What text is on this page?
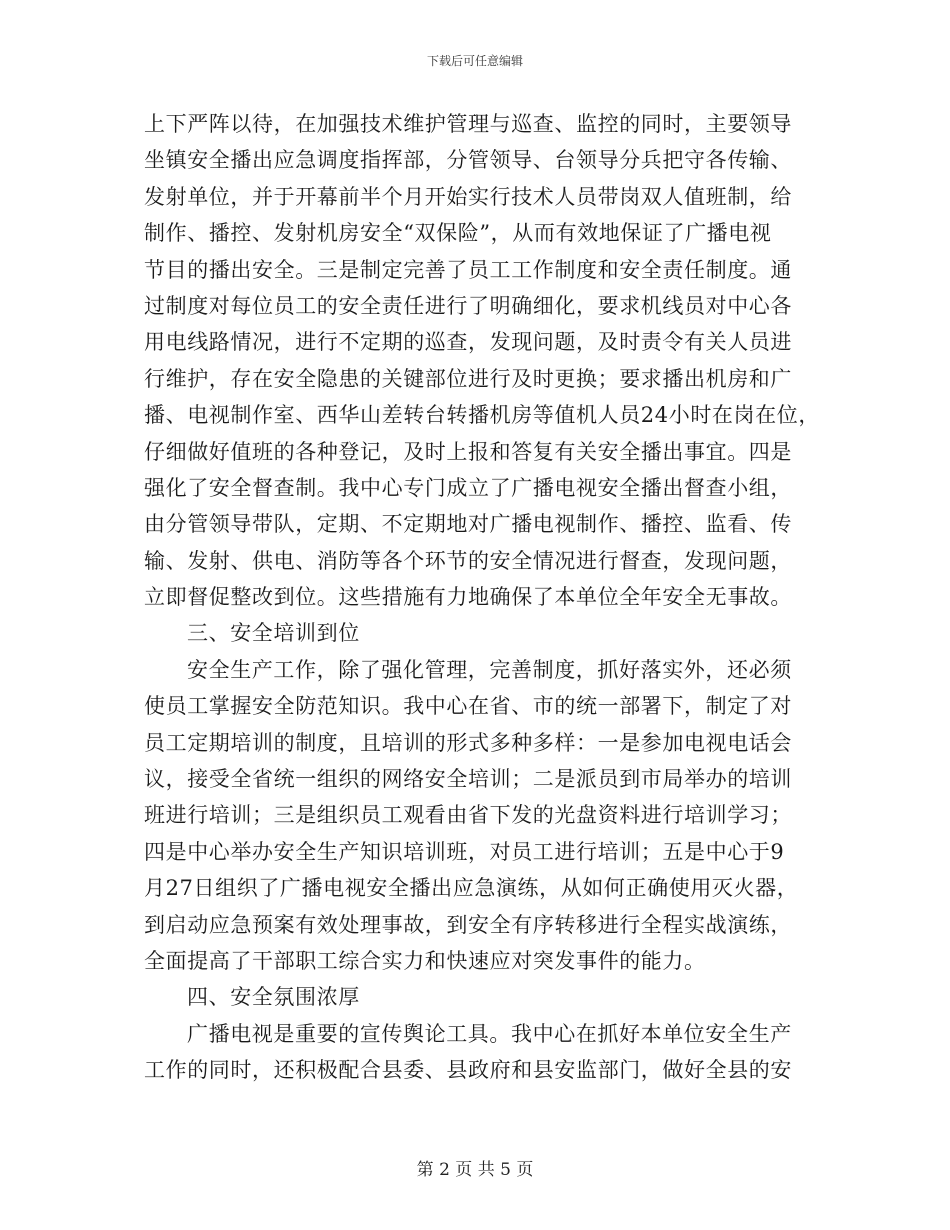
下载后可任意编辑
上下严阵以待，在加强技术维护管理与巡查、监控的同时，主要领导
坐镇安全播出应急调度指挥部，分管领导、台领导分兵把守各传输、
发射单位，并于开幕前半个月开始实行技术人员带岗双人值班制，给
制作、播控、发射机房安全“双保险”，从而有效地保证了广播电视
节目的播出安全。三是制定完善了员工工作制度和安全责任制度。通
过制度对每位员工的安全责任进行了明确细化，要求机线员对中心各
用电线路情况，进行不定期的巡查，发现问题，及时责令有关人员进
行维护，存在安全隐患的关键部位进行及时更换；要求播出机房和广
播、电视制作室、西华山差转台转播机房等值机人员24小时在岗在位，
仔细做好值班的各种登记，及时上报和答复有关安全播出事宜。四是
强化了安全督查制。我中心专门成立了广播电视安全播出督查小组，
由分管领导带队，定期、不定期地对广播电视制作、播控、监看、传
输、发射、供电、消防等各个环节的安全情况进行督查，发现问题，
立即督促整改到位。这些措施有力地确保了本单位全年安全无事故。
三、安全培训到位
安全生产工作，除了强化管理，完善制度，抓好落实外，还必须
使员工掌握安全防范知识。我中心在省、市的统一部署下，制定了对
员工定期培训的制度，且培训的形式多种多样：一是参加电视电话会
议，接受全省统一组织的网络安全培训；二是派员到市局举办的培训
班进行培训；三是组织员工观看由省下发的光盘资料进行培训学习；
四是中心举办安全生产知识培训班，对员工进行培训；五是中心于9
月27日组织了广播电视安全播出应急演练，从如何正确使用灭火器，
到启动应急预案有效处理事故，到安全有序转移进行全程实战演练，
全面提高了干部职工综合实力和快速应对突发事件的能力。
四、安全氛围浓厚
广播电视是重要的宣传舆论工具。我中心在抓好本单位安全生产
工作的同时，还积极配合县委、县政府和县安监部门，做好全县的安
第 2 页 共 5 页
